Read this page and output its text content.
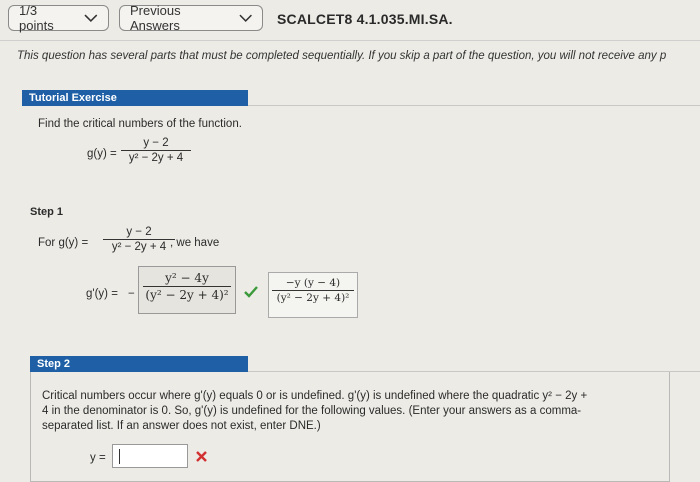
1/3 points
Previous Answers	SCALCET8 4.1.035.MI.SA.
This question has several parts that must be completed sequentially. If you skip a part of the question, you will not receive any p
Tutorial Exercise
Find the critical numbers of the function.
g(y) =
y − 2
y² − 2y + 4
Step 1
For g(y) =
y − 2
y² − 2y + 4 , we have
g'(y) = −
y² − 4y
(y² − 2y + 4)²
−y (y − 4)
(y² − 2y + 4)²
Step 2
Critical numbers occur where g'(y) equals 0 or is undefined. g'(y) is undefined where the quadratic y² − 2y +
4 in the denominator is 0. So, g'(y) is undefined for the following values. (Enter your answers as a comma-
separated list. If an answer does not exist, enter DNE.)
y =
